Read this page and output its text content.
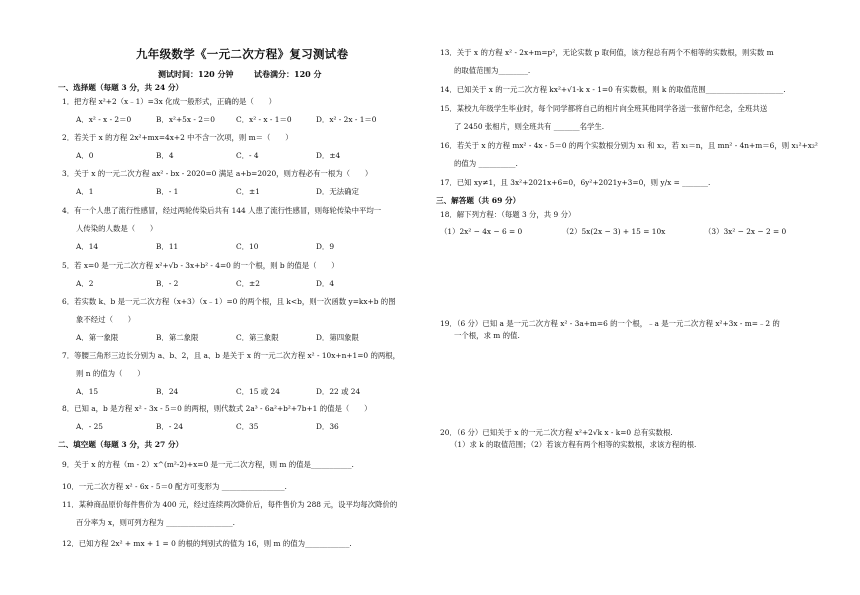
九年级数学《一元二次方程》复习测试卷
测试时间：120 分钟	试卷满分：120 分
一、选择题（每题 3 分，共 24 分）
1．把方程 x²+2（x﹣1）=3x 化成一般形式，正确的是（　　）
A．x² - x - 2＝0	B．x²+5x - 2＝0	C．x² - x - 1＝0	D．x² - 2x - 1＝0
2．若关于 x 的方程 2x²+mx=4x+2 中不含一次项，则 m＝（　　）
A．0	B．4	C．- 4	D．±4
3．关于 x 的一元二次方程 ax² - bx - 2020=0 满足 a+b=2020，则方程必有一根为（　　）
A．1	B．- 1	C．±1	D．无法确定
4．有一个人患了流行性感冒，经过两轮传染后共有 144 人患了流行性感冒，则每轮传染中平均一
人传染的人数是（　　）
A．14	B．11	C．10	D．9
5．若 x=0 是一元二次方程 x²+√b - 3x+b² - 4=0 的一个根，则 b 的值是（　　）
A．2	B．- 2	C．±2	D．4
6．若实数 k、b 是一元二次方程（x+3）（x﹣1）=0 的两个根，且 k<b，则一次函数 y=kx+b 的图
象不经过（　　）
A．第一象限	B．第二象限	C．第三象限	D．第四象限
7．等腰三角形三边长分别为 a、b、2，且 a、b 是关于 x 的一元二次方程 x² - 10x+n+1=0 的两根，
则 n 的值为（　　）
A．15	B．24	C．15 或 24	D．22 或 24
8．已知 a，b 是方程 x² - 3x - 5＝0 的两根，则代数式 2a³ - 6a²+b²+7b+1 的值是（　　）
A．- 25	B．- 24	C．35	D．36
二、填空题（每题 3 分，共 27 分）
9．关于 x 的方程（m - 2）x^(m²-2)+x=0 是一元二次方程，则 m 的值是___________.
10．一元二次方程 x² - 6x - 5＝0 配方可变形为 _________________.
11．某种商品原价每件售价为 400 元，经过连续两次降价后，每件售价为 288 元，设平均每次降价的
百分率为 x，则可列方程为 __________________.
12．已知方程 2x² + mx + 1 = 0 的根的判别式的值为 16，则 m 的值为____________.
13．关于 x 的方程 x² - 2x+m=p²，无论实数 p 取何值，该方程总有两个不相等的实数根，则实数 m
的取值范围为________.
14．已知关于 x 的一元二次方程 kx²+√1-k x - 1=0 有实数根，则 k 的取值范围_____________________.
15．某校九年级学生毕业时，每个同学都将自己的相片向全班其他同学各送一张留作纪念，全班共送
了 2450 张相片，则全班共有 _______名学生.
16．若关于 x 的方程 mx² - 4x - 5＝0 的两个实数根分别为 x₁ 和 x₂，若 x₁＝n，且 mn² - 4n+m＝6，则 x₁²+x₂²
的值为 __________.
17．已知 xy≠1，且 3x²+2021x+6=0，6y²+2021y+3=0，则 y/x = _______.
三、解答题（共 69 分）
18．解下列方程：（每题 3 分，共 9 分）
（1）2x² − 4x − 6 = 0	（2）5x(2x − 3) + 15 = 10x	（3）3x² − 2x − 2 = 0
19．（6 分）已知 a 是一元二次方程 x² - 3a+m=6 的一个根，﹣a 是一元二次方程 x²+3x - m=﹣2 的
一个根，求 m 的值.
20．（6 分）已知关于 x 的一元二次方程 x²+2√k x - k=0 总有实数根.
（1）求 k 的取值范围；（2）若该方程有两个相等的实数根，求该方程的根.
